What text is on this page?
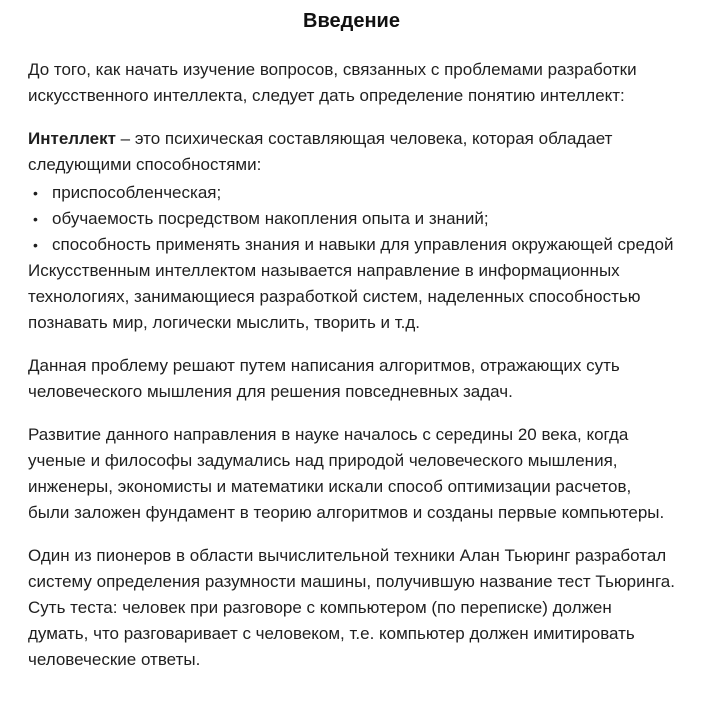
Введение

До того, как начать изучение вопросов, связанных с проблемами разработки искусственного интеллекта, следует дать определение понятию интеллект:

Интеллект – это психическая составляющая человека, которая обладает следующими способностями:

• приспособленческая;
• обучаемость посредством накопления опыта и знаний;
• способность применять знания и навыки для управления окружающей средой

Искусственным интеллектом называется направление в информационных технологиях, занимающиеся разработкой систем, наделенных способностью познавать мир, логически мыслить, творить и т.д.

Данная проблему решают путем написания алгоритмов, отражающих суть человеческого мышления для решения повседневных задач.

Развитие данного направления в науке началось с середины 20 века, когда ученые и философы задумались над природой человеческого мышления, инженеры, экономисты и математики искали способ оптимизации расчетов, были заложен фундамент в теорию алгоритмов и созданы первые компьютеры.

Один из пионеров в области вычислительной техники Алан Тьюринг разработал систему определения разумности машины, получившую название тест Тьюринга. Суть теста: человек при разговоре с компьютером (по переписке) должен думать, что разговаривает с человеком, т.е. компьютер должен имитировать человеческие ответы.
